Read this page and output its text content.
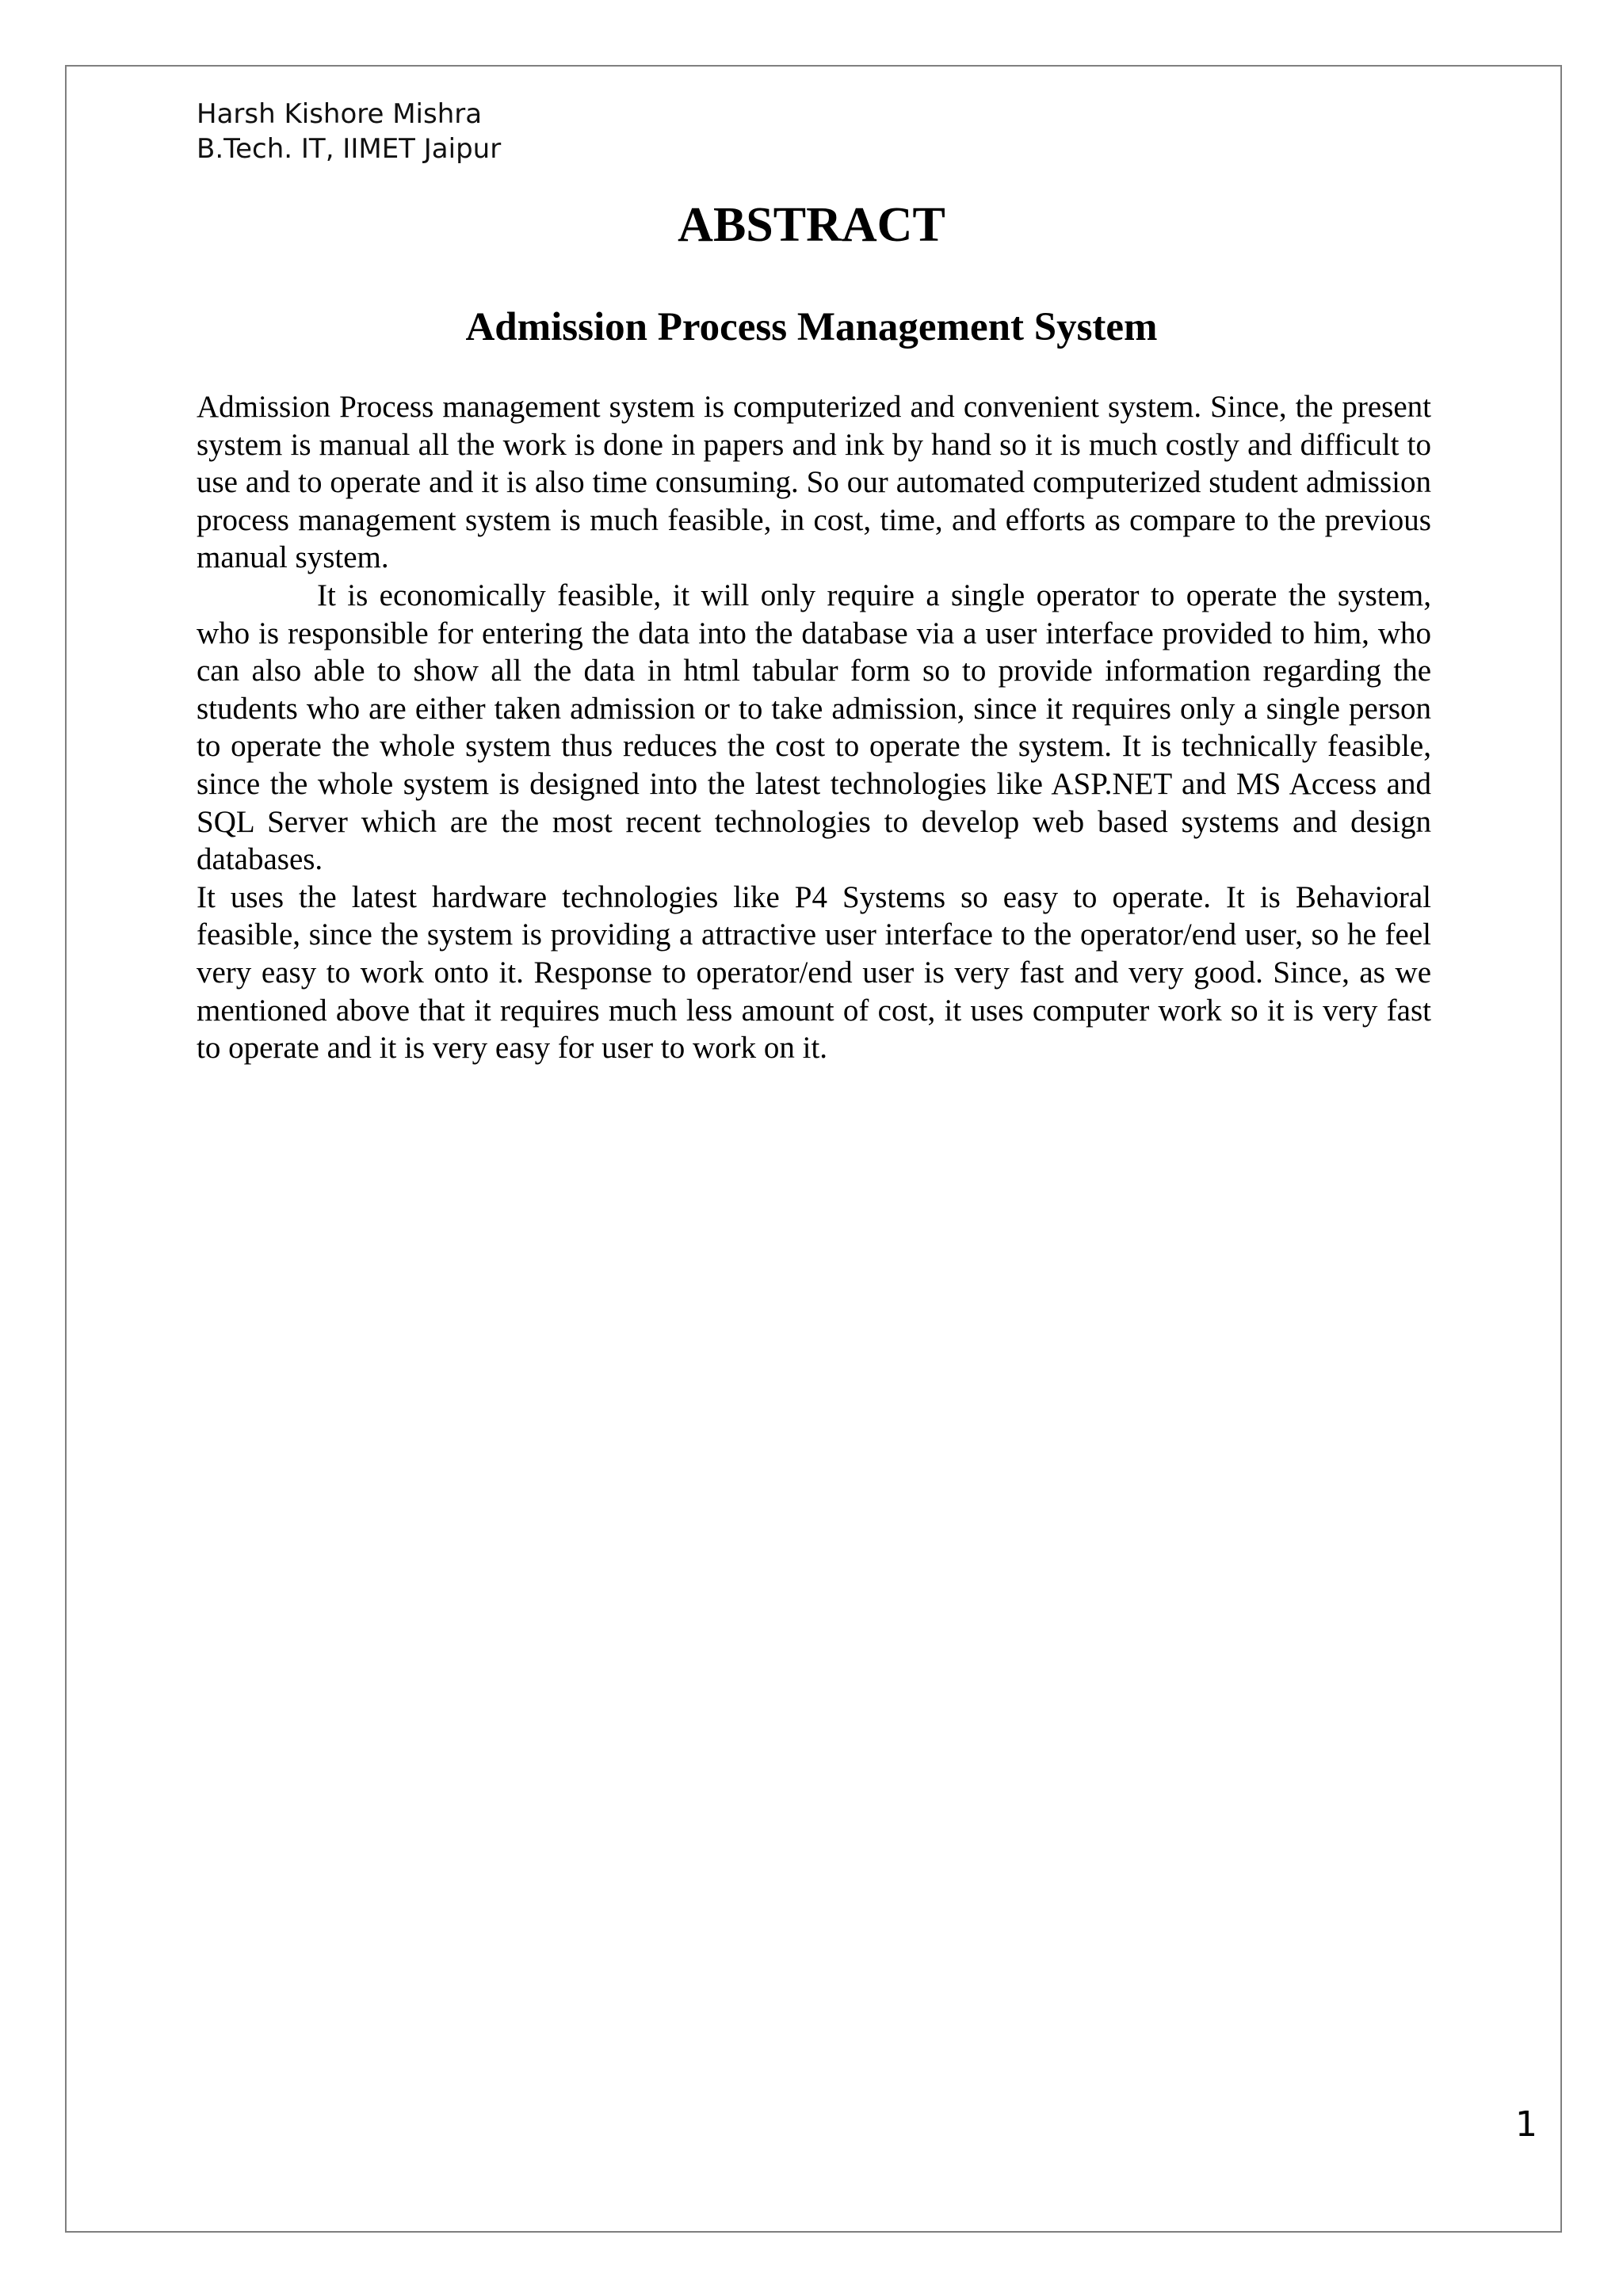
Harsh Kishore Mishra
B.Tech. IT, IIMET Jaipur
ABSTRACT
Admission Process Management System

Admission Process management system is computerized and convenient system. Since, the present system is manual all the work is done in papers and ink by hand so it is much costly and difficult to use and to operate and it is also time consuming. So our automated computerized student admission process management system is much feasible, in cost, time, and efforts as compare to the previous manual system.

It is economically feasible, it will only require a single operator to operate the system, who is responsible for entering the data into the database via a user interface provided to him, who can also able to show all the data in html tabular form so to provide information regarding the students who are either taken admission or to take admission, since it requires only a single person to operate the whole system thus reduces the cost to operate the system. It is technically feasible, since the whole system is designed into the latest technologies like ASP.NET and MS Access and SQL Server which are the most recent technologies to develop web based systems and design databases.

It uses the latest hardware technologies like P4 Systems so easy to operate. It is Behavioral feasible, since the system is providing a attractive user interface to the operator/end user, so he feel very easy to work onto it. Response to operator/end user is very fast and very good. Since, as we mentioned above that it requires much less amount of cost, it uses computer work so it is very fast to operate and it is very easy for user to work on it.

1
